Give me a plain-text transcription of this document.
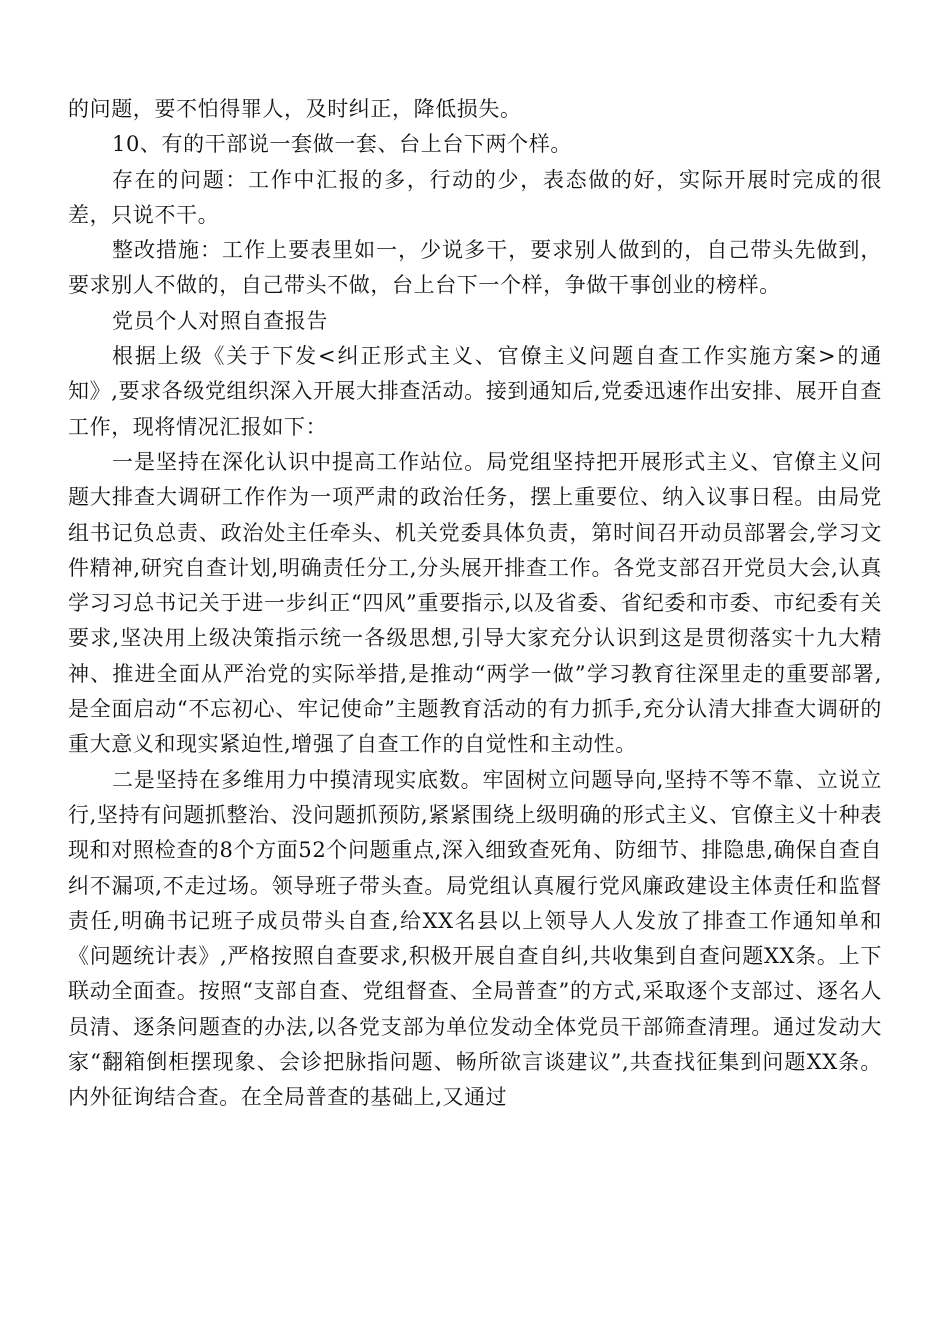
的问题，要不怕得罪人，及时纠正，降低损失。

10、有的干部说一套做一套、台上台下两个样。

存在的问题：工作中汇报的多，行动的少，表态做的好，实际开展时完成的很差，只说不干。

整改措施：工作上要表里如一，少说多干，要求别人做到的，自己带头先做到，要求别人不做的，自己带头不做，台上台下一个样，争做干事创业的榜样。

党员个人对照自查报告

根据上级《关于下发<纠正形式主义、官僚主义问题自查工作实施方案>的通知》,要求各级党组织深入开展大排查活动。接到通知后,党委迅速作出安排、展开自查工作，现将情况汇报如下：

一是坚持在深化认识中提高工作站位。局党组坚持把开展形式主义、官僚主义问题大排查大调研工作作为一项严肃的政治任务，摆上重要位、纳入议事日程。由局党组书记负总责、政治处主任牵头、机关党委具体负责，第时间召开动员部署会,学习文件精神,研究自查计划,明确责任分工,分头展开排查工作。各党支部召开党员大会,认真学习习总书记关于进一步纠正“四风”重要指示,以及省委、省纪委和市委、市纪委有关要求,坚决用上级决策指示统一各级思想,引导大家充分认识到这是贯彻落实十九大精神、推进全面从严治党的实际举措,是推动“两学一做”学习教育往深里走的重要部署,是全面启动“不忘初心、牢记使命”主题教育活动的有力抓手,充分认清大排查大调研的重大意义和现实紧迫性,增强了自查工作的自觉性和主动性。

二是坚持在多维用力中摸清现实底数。牢固树立问题导向,坚持不等不靠、立说立行,坚持有问题抓整治、没问题抓预防,紧紧围绕上级明确的形式主义、官僚主义十种表现和对照检查的8个方面52个问题重点,深入细致查死角、防细节、排隐患,确保自查自纠不漏项,不走过场。领导班子带头查。局党组认真履行党风廉政建设主体责任和监督责任,明确书记班子成员带头自查,给XX名县以上领导人人发放了排查工作通知单和《问题统计表》,严格按照自查要求,积极开展自查自纠,共收集到自查问题XX条。上下联动全面查。按照“支部自查、党组督查、全局普查”的方式,采取逐个支部过、逐名人员清、逐条问题查的办法,以各党支部为单位发动全体党员干部筛查清理。通过发动大家“翻箱倒柜摆现象、会诊把脉指问题、畅所欲言谈建议”,共查找征集到问题XX条。内外征询结合查。在全局普查的基础上,又通过
